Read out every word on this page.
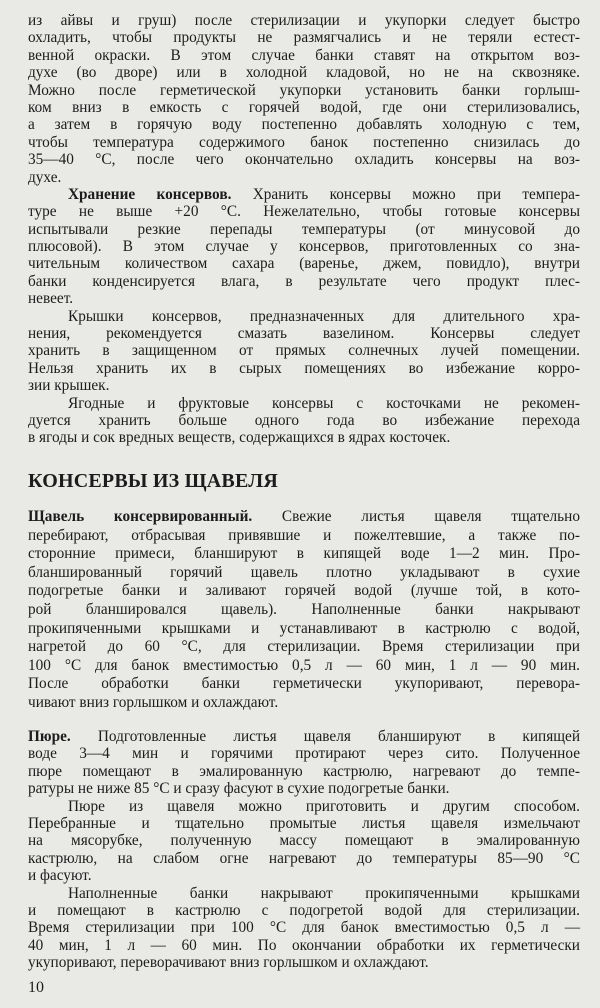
из айвы и груш) после стерилизации и укупорки следует быстро
охладить, чтобы продукты не размягчались и не теряли естест-
венной окраски. В этом случае банки ставят на открытом воз-
духе (во дворе) или в холодной кладовой, но не на сквозняке.
Можно после герметической укупорки установить банки горлыш-
ком вниз в емкость с горячей водой, где они стерилизовались,
а затем в горячую воду постепенно добавлять холодную с тем,
чтобы температура содержимого банок постепенно снизилась до
35—40 °С, после чего окончательно охладить консервы на воз-
духе.
Хранение консервов. Хранить консервы можно при темпера-
туре не выше +20 °С. Нежелательно, чтобы готовые консервы
испытывали резкие перепады температуры (от минусовой до
плюсовой). В этом случае у консервов, приготовленных со зна-
чительным количеством сахара (варенье, джем, повидло), внутри
банки конденсируется влага, в результате чего продукт плес-
невеет.
Крышки консервов, предназначенных для длительного хра-
нения, рекомендуется смазать вазелином. Консервы следует
хранить в защищенном от прямых солнечных лучей помещении.
Нельзя хранить их в сырых помещениях во избежание корро-
зии крышек.
Ягодные и фруктовые консервы с косточками не рекомен-
дуется хранить больше одного года во избежание перехода
в ягоды и сок вредных веществ, содержащихся в ядрах косточек.
КОНСЕРВЫ ИЗ ЩАВЕЛЯ
Щавель консервированный. Свежие листья щавеля тщательно
перебирают, отбрасывая привявшие и пожелтевшие, а также по-
сторонние примеси, бланшируют в кипящей воде 1—2 мин. Про-
бланшированный горячий щавель плотно укладывают в сухие
подогретые банки и заливают горячей водой (лучше той, в кото-
рой бланшировался щавель). Наполненные банки накрывают
прокипяченными крышками и устанавливают в кастрюлю с водой,
нагретой до 60 °С, для стерилизации. Время стерилизации при
100 °С для банок вместимостью 0,5 л — 60 мин, 1 л — 90 мин.
После обработки банки герметически укупоривают, перевора-
чивают вниз горлышком и охлаждают.
Пюре. Подготовленные листья щавеля бланшируют в кипящей
воде 3—4 мин и горячими протирают через сито. Полученное
пюре помещают в эмалированную кастрюлю, нагревают до темпе-
ратуры не ниже 85 °С и сразу фасуют в сухие подогретые банки.
Пюре из щавеля можно приготовить и другим способом.
Перебранные и тщательно промытые листья щавеля измельчают
на мясорубке, полученную массу помещают в эмалированную
кастрюлю, на слабом огне нагревают до температуры 85—90 °С
и фасуют.
Наполненные банки накрывают прокипяченными крышками
и помещают в кастрюлю с подогретой водой для стерилизации.
Время стерилизации при 100 °С для банок вместимостью 0,5 л —
40 мин, 1 л — 60 мин. По окончании обработки их герметически
укупоривают, переворачивают вниз горлышком и охлаждают.
10
